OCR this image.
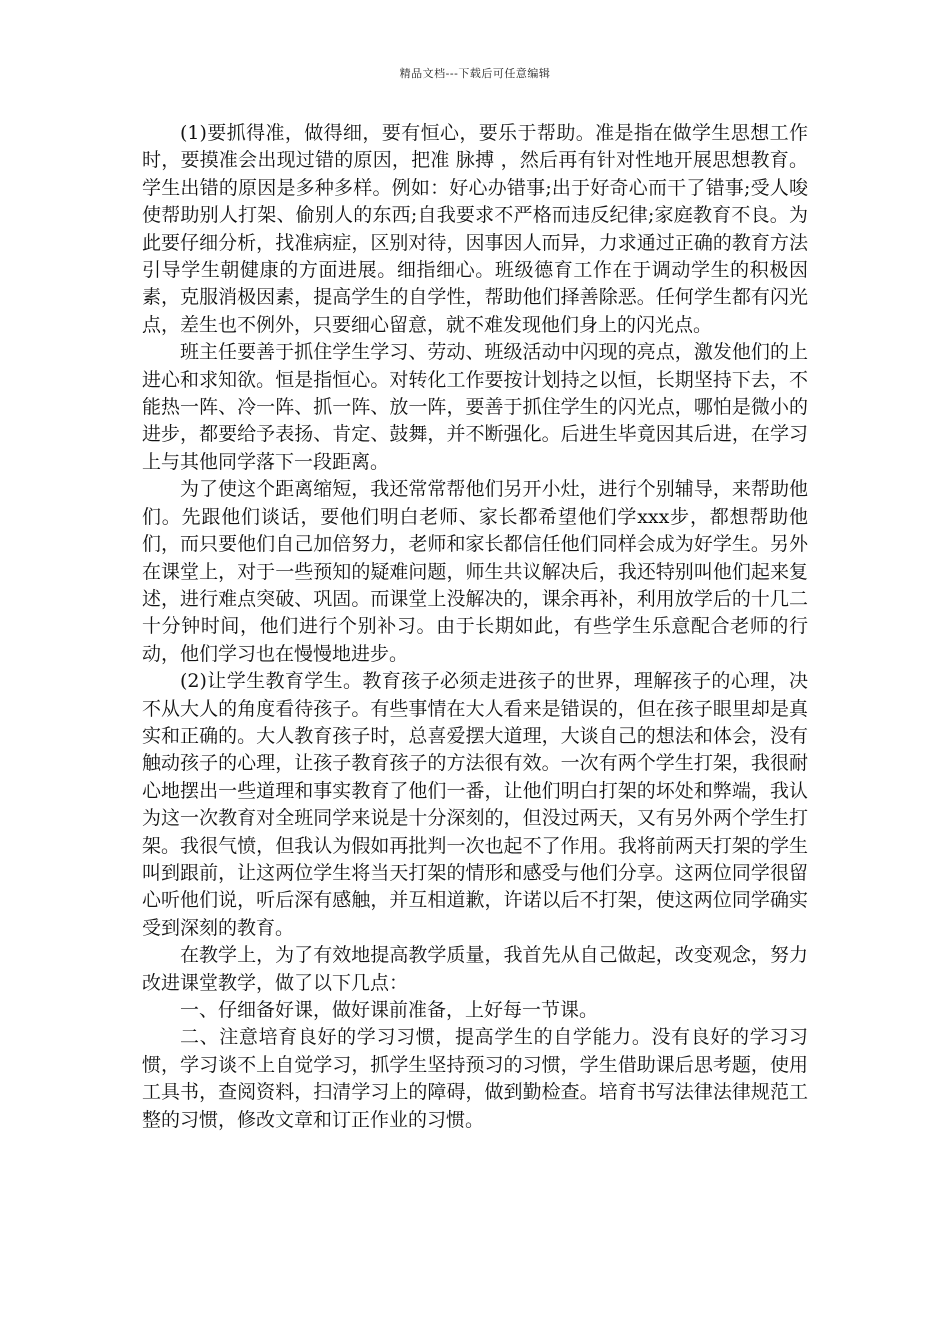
精品文档---下载后可任意编辑

(1)要抓得准，做得细，要有恒心，要乐于帮助。准是指在做学生思想工作时，要摸准会出现过错的原因，把准 脉搏 ，然后再有针对性地开展思想教育。学生出错的原因是多种多样。例如：好心办错事;出于好奇心而干了错事;受人唆使帮助别人打架、偷别人的东西;自我要求不严格而违反纪律;家庭教育不良。为此要仔细分析，找准病症，区别对待，因事因人而异，力求通过正确的教育方法引导学生朝健康的方面进展。细指细心。班级德育工作在于调动学生的积极因素，克服消极因素，提高学生的自学性，帮助他们择善除恶。任何学生都有闪光点，差生也不例外，只要细心留意，就不难发现他们身上的闪光点。

班主任要善于抓住学生学习、劳动、班级活动中闪现的亮点，激发他们的上进心和求知欲。恒是指恒心。对转化工作要按计划持之以恒，长期坚持下去，不能热一阵、冷一阵、抓一阵、放一阵，要善于抓住学生的闪光点，哪怕是微小的进步，都要给予表扬、肯定、鼓舞，并不断强化。后进生毕竟因其后进，在学习上与其他同学落下一段距离。

为了使这个距离缩短，我还常常帮他们另开小灶，进行个别辅导，来帮助他们。先跟他们谈话，要他们明白老师、家长都希望他们学xxx步，都想帮助他们，而只要他们自己加倍努力，老师和家长都信任他们同样会成为好学生。另外在课堂上，对于一些预知的疑难问题，师生共议解决后，我还特别叫他们起来复述，进行难点突破、巩固。而课堂上没解决的，课余再补，利用放学后的十几二十分钟时间，他们进行个别补习。由于长期如此，有些学生乐意配合老师的行动，他们学习也在慢慢地进步。

(2)让学生教育学生。教育孩子必须走进孩子的世界，理解孩子的心理，决不从大人的角度看待孩子。有些事情在大人看来是错误的，但在孩子眼里却是真实和正确的。大人教育孩子时，总喜爱摆大道理，大谈自己的想法和体会，没有触动孩子的心理，让孩子教育孩子的方法很有效。一次有两个学生打架，我很耐心地摆出一些道理和事实教育了他们一番，让他们明白打架的坏处和弊端，我认为这一次教育对全班同学来说是十分深刻的，但没过两天，又有另外两个学生打架。我很气愤，但我认为假如再批判一次也起不了作用。我将前两天打架的学生叫到跟前，让这两位学生将当天打架的情形和感受与他们分享。这两位同学很留心听他们说，听后深有感触，并互相道歉，许诺以后不打架，使这两位同学确实受到深刻的教育。

在教学上，为了有效地提高教学质量，我首先从自己做起，改变观念，努力改进课堂教学，做了以下几点：

一、仔细备好课，做好课前准备，上好每一节课。

二、注意培育良好的学习习惯，提高学生的自学能力。没有良好的学习习惯，学习谈不上自觉学习，抓学生坚持预习的习惯，学生借助课后思考题，使用工具书，查阅资料，扫清学习上的障碍，做到勤检查。培育书写法律法律规范工整的习惯，修改文章和订正作业的习惯。
